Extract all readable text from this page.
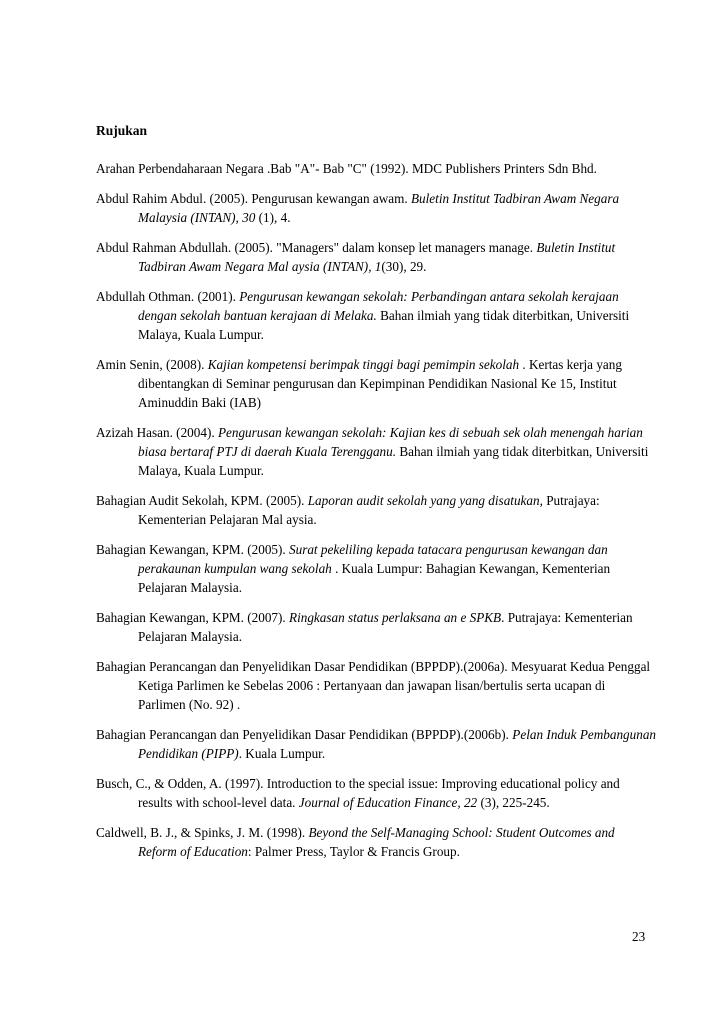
Rujukan

Arahan Perbendaharaan Negara .Bab "A"- Bab "C" (1992). MDC Publishers Printers Sdn Bhd.

Abdul Rahim Abdul. (2005). Pengurusan kewangan awam. Buletin Institut Tadbiran Awam Negara Malaysia (INTAN), 30 (1), 4.

Abdul Rahman Abdullah. (2005). "Managers" dalam konsep let managers manage. Buletin Institut Tadbiran Awam Negara Mal aysia (INTAN), 1(30), 29.

Abdullah Othman. (2001). Pengurusan kewangan sekolah: Perbandingan antara sekolah kerajaan dengan sekolah bantuan kerajaan di Melaka. Bahan ilmiah yang tidak diterbitkan, Universiti Malaya, Kuala Lumpur.

Amin Senin, (2008). Kajian kompetensi berimpak tinggi bagi pemimpin sekolah . Kertas kerja yang dibentangkan di Seminar pengurusan dan Kepimpinan Pendidikan Nasional Ke 15, Institut Aminuddin Baki (IAB)

Azizah Hasan. (2004). Pengurusan kewangan sekolah: Kajian kes di sebuah sek olah menengah harian biasa bertaraf PTJ di daerah Kuala Terengganu. Bahan ilmiah yang tidak diterbitkan, Universiti Malaya, Kuala Lumpur.

Bahagian Audit Sekolah, KPM. (2005). Laporan audit sekolah yang yang disatukan, Putrajaya: Kementerian Pelajaran Mal aysia.

Bahagian Kewangan, KPM. (2005). Surat pekeliling kepada tatacara pengurusan kewangan dan perakaunan kumpulan wang sekolah . Kuala Lumpur: Bahagian Kewangan, Kementerian Pelajaran Malaysia.

Bahagian Kewangan, KPM. (2007). Ringkasan status perlaksana an e SPKB. Putrajaya: Kementerian Pelajaran Malaysia.

Bahagian Perancangan dan Penyelidikan Dasar Pendidikan (BPPDP).(2006a). Mesyuarat Kedua Penggal Ketiga Parlimen ke Sebelas 2006 : Pertanyaan dan jawapan lisan/bertulis serta ucapan di Parlimen (No. 92) .

Bahagian Perancangan dan Penyelidikan Dasar Pendidikan (BPPDP).(2006b). Pelan Induk Pembangunan Pendidikan (PIPP). Kuala Lumpur.

Busch, C., & Odden, A. (1997). Introduction to the special issue: Improving educational policy and results with school-level data. Journal of Education Finance, 22 (3), 225-245.

Caldwell, B. J., & Spinks, J. M. (1998). Beyond the Self-Managing School: Student Outcomes and Reform of Education: Palmer Press, Taylor & Francis Group.

23
